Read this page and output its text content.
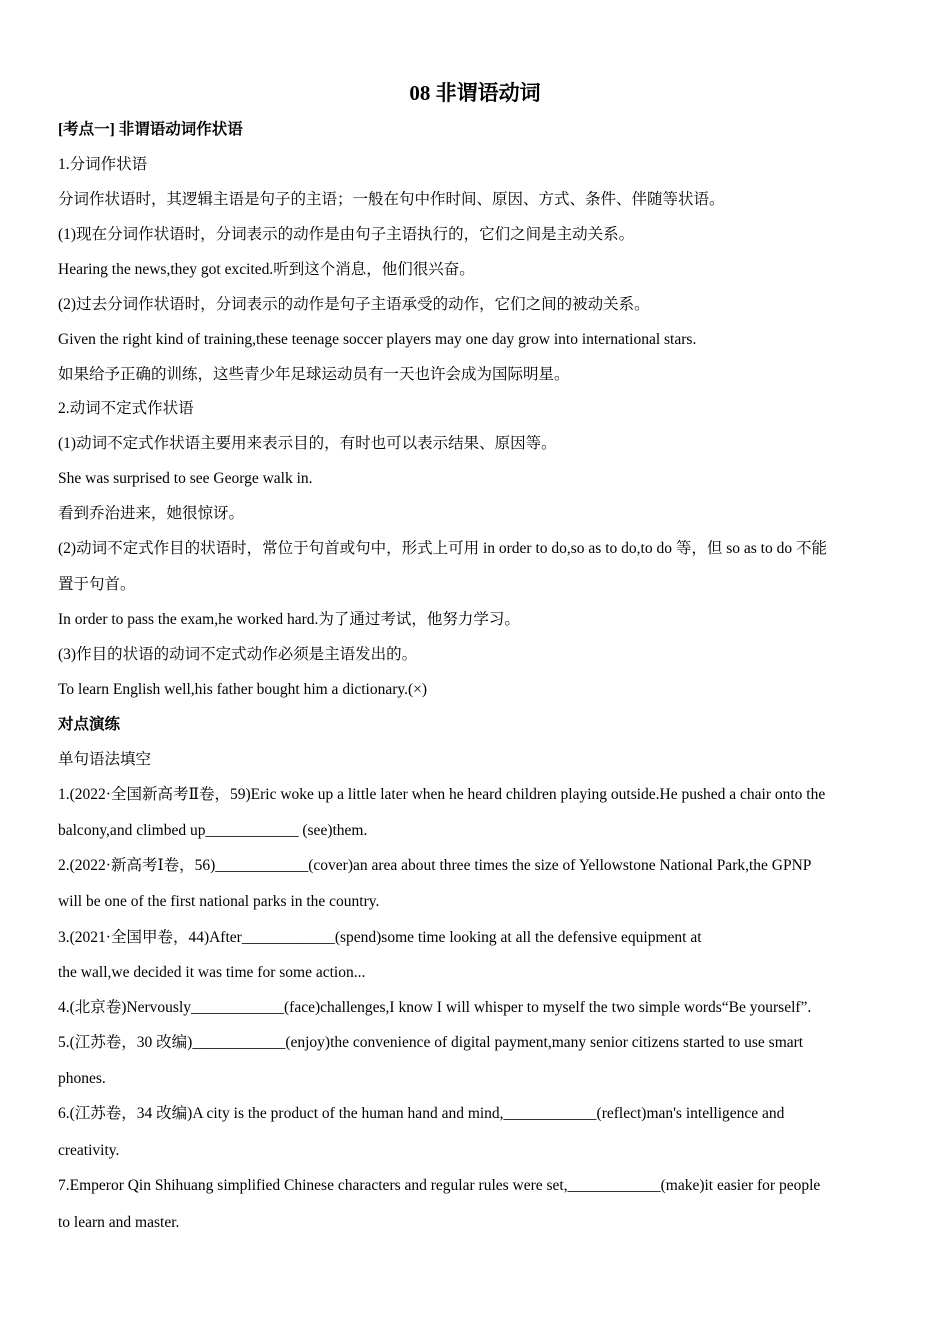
08 非谓语动词
[考点一] 非谓语动词作状语
1.分词作状语
分词作状语时，其逻辑主语是句子的主语；一般在句中作时间、原因、方式、条件、伴随等状语。
(1)现在分词作状语时，分词表示的动作是由句子主语执行的，它们之间是主动关系。
Hearing the news,they got excited.听到这个消息，他们很兴奋。
(2)过去分词作状语时，分词表示的动作是句子主语承受的动作，它们之间的被动关系。
Given the right kind of training,these teenage soccer players may one day grow into international stars.
如果给予正确的训练，这些青少年足球运动员有一天也许会成为国际明星。
2.动词不定式作状语
(1)动词不定式作状语主要用来表示目的，有时也可以表示结果、原因等。
She was surprised to see George walk in.
看到乔治进来，她很惊讶。
(2)动词不定式作目的状语时，常位于句首或句中，形式上可用 in order to do,so as to do,to do 等，但 so as to do 不能
置于句首。
In order to pass the exam,he worked hard.为了通过考试，他努力学习。
(3)作目的状语的动词不定式动作必须是主语发出的。
To learn English well,his father bought him a dictionary.(×)
对点演练
单句语法填空
1.(2022·全国新高考Ⅱ卷，59)Eric woke up a little later when he heard children playing outside.He pushed a chair onto the
balcony,and climbed up____________ (see)them.
2.(2022·新高考Ⅰ卷，56)____________(cover)an area about three times the size of Yellowstone National Park,the GPNP
will be one of the first national parks in the country.
3.(2021·全国甲卷，44)After____________(spend)some time looking at all the defensive equipment at
the wall,we decided it was time for some action...
4.(北京卷)Nervously____________(face)challenges,I know I will whisper to myself the two simple words“Be yourself”.
5.(江苏卷，30 改编)____________(enjoy)the convenience of digital payment,many senior citizens started to use smart
phones.
6.(江苏卷，34 改编)A city is the product of the human hand and mind,____________(reflect)man's intelligence and
creativity.
7.Emperor Qin Shihuang simplified Chinese characters and regular rules were set,____________(make)it easier for people
to learn and master.
